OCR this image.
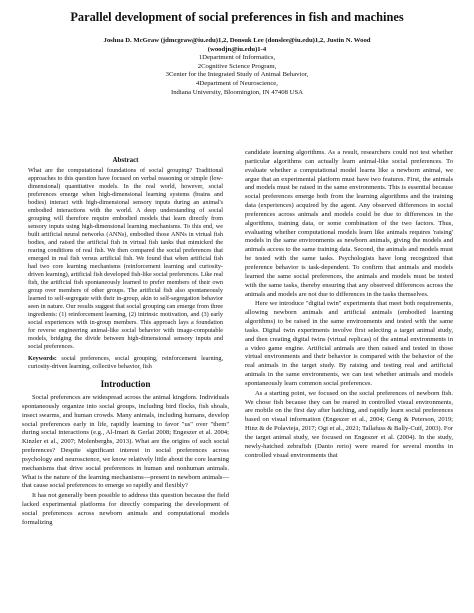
Parallel development of social preferences in fish and machines
Joshua D. McGraw (jdmcgraw@iu.edu)1,2, Donsuk Lee (donslee@iu.edu)1,2, Justin N. Wood
(woodjn@iu.edu)1-4
1Department of Informatics,
2Cognitive Science Program,
3Center for the Integrated Study of Animal Behavior,
4Department of Neuroscience,
Indiana University, Bloomington, IN 47408 USA
Abstract
What are the computational foundations of social grouping? Traditional approaches to this question have focused on verbal reasoning or simple (low-dimensional) quantitative models. In the real world, however, social preferences emerge when high-dimensional learning systems (brains and bodies) interact with high-dimensional sensory inputs during an animal's embodied interactions with the world. A deep understanding of social grouping will therefore require embodied models that learn directly from sensory inputs using high-dimensional learning mechanisms. To this end, we built artificial neural networks (ANNs), embodied those ANNs in virtual fish bodies, and raised the artificial fish in virtual fish tanks that mimicked the rearing conditions of real fish. We then compared the social preferences that emerged in real fish versus artificial fish. We found that when artificial fish had two core learning mechanisms (reinforcement learning and curiosity-driven learning), artificial fish developed fish-like social preferences. Like real fish, the artificial fish spontaneously learned to prefer members of their own group over members of other groups. The artificial fish also spontaneously learned to self-segregate with their in-group, akin to self-segregation behavior seen in nature. Our results suggest that social grouping can emerge from three ingredients: (1) reinforcement learning, (2) intrinsic motivation, and (3) early social experiences with in-group members. This approach lays a foundation for reverse engineering animal-like social behavior with image-computable models, bridging the divide between high-dimensional sensory inputs and social preferences.
Keywords: social preferences, social grouping, reinforcement learning, curiosity-driven learning, collective behavior, fish
Introduction

Social preferences are widespread across the animal kingdom. Individuals spontaneously organize into social groups, including bird flocks, fish shoals, insect swarms, and human crowds. Many animals, including humans, develop social preferences early in life, rapidly learning to favor "us" over "them" during social interactions (e.g., Al-Imari & Gerlai 2008; Engeszer et al. 2004; Kinzler et al., 2007; Molenberghs, 2013). What are the origins of such social preferences? Despite significant interest in social preferences across psychology and neuroscience, we know relatively little about the core learning mechanisms that drive social preferences in human and nonhuman animals. What is the nature of the learning mechanisms—present in newborn animals—that cause social preferences to emerge so rapidly and flexibly?

It has not generally been possible to address this question because the field lacked experimental platforms for directly comparing the development of social preferences across newborn animals and computational models formalizing

candidate learning algorithms. As a result, researchers could not test whether particular algorithms can actually learn animal-like social preferences. To evaluate whether a computational model learns like a newborn animal, we argue that an experimental platform must have two features. First, the animals and models must be raised in the same environments. This is essential because social preferences emerge both from the learning algorithms and the training data (experiences) acquired by the agent. Any observed differences in social preferences across animals and models could be due to differences in the algorithms, training data, or some combination of the two factors. Thus, evaluating whether computational models learn like animals requires 'raising' models in the same environments as newborn animals, giving the models and animals access to the same training data. Second, the animals and models must be tested with the same tasks. Psychologists have long recognized that preference behavior is task-dependent. To confirm that animals and models learned the same social preferences, the animals and models must be tested with the same tasks, thereby ensuring that any observed differences across the animals and models are not due to differences in the tasks themselves.

Here we introduce "digital twin" experiments that meet both requirements, allowing newborn animals and artificial animals (embodied learning algorithms) to be raised in the same environments and tested with the same tasks. Digital twin experiments involve first selecting a target animal study, and then creating digital twins (virtual replicas) of the animal environments in a video game engine. Artificial animals are then raised and tested in those virtual environments and their behavior is compared with the behavior of the real animals in the target study. By raising and testing real and artificial animals in the same environments, we can test whether animals and models spontaneously learn common social preferences.

As a starting point, we focused on the social preferences of newborn fish. We chose fish because they can be reared in controlled visual environments, are mobile on the first day after hatching, and rapidly learn social preferences based on visual information (Engeszer et al., 2004; Geng & Peterson, 2019; Hinz & de Polavieja, 2017; Ogi et al., 2021; Tallafuss & Bally-Cuif, 2003). For the target animal study, we focused on Engeszer et al. (2004). In the study, newly-hatched zebrafish (Danio rerio) were reared for several months in controlled visual environments that
